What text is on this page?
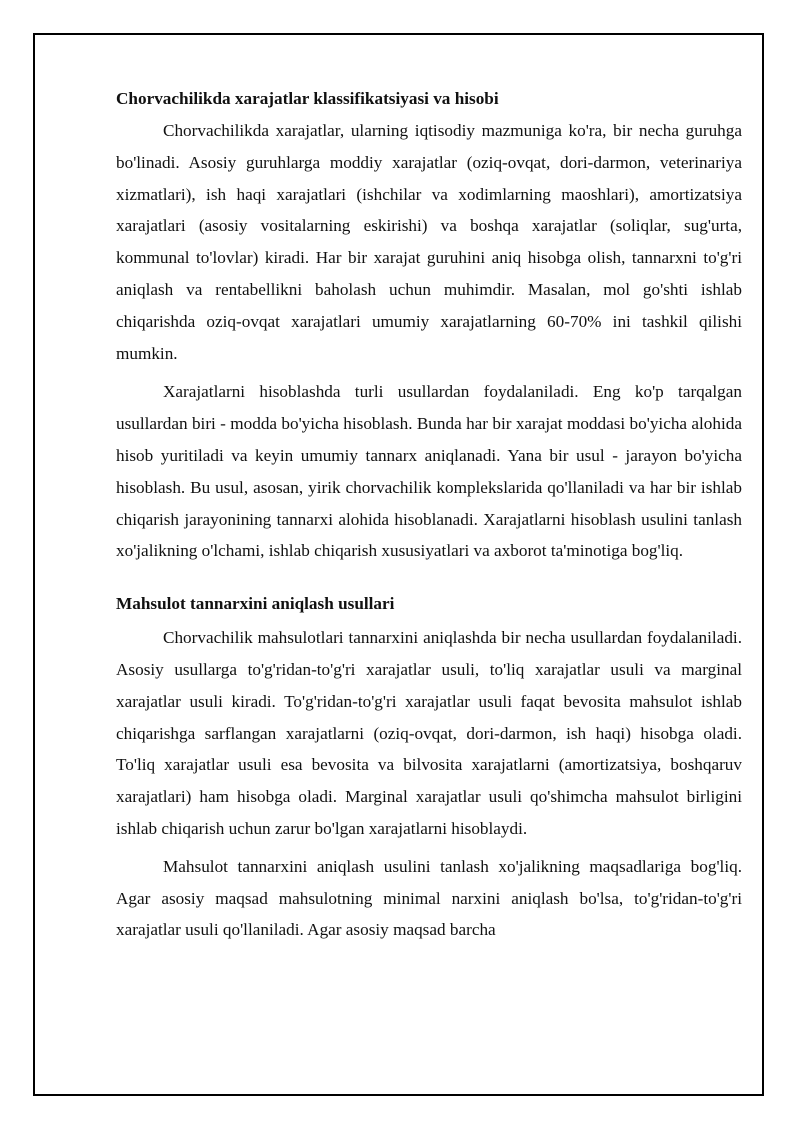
Chorvachilikda xarajatlar klassifikatsiyasi va hisobi

Chorvachilikda xarajatlar, ularning iqtisodiy mazmuniga ko'ra, bir necha guruhga bo'linadi. Asosiy guruhlarga moddiy xarajatlar (oziq-ovqat, dori-darmon, veterinariya xizmatlari), ish haqi xarajatlari (ishchilar va xodimlarning maoshlari), amortizatsiya xarajatlari (asosiy vositalarning eskirishi) va boshqa xarajatlar (soliqlar, sug'urta, kommunal to'lovlar) kiradi. Har bir xarajat guruhini aniq hisobga olish, tannarxni to'g'ri aniqlash va rentabellikni baholash uchun muhimdir. Masalan, mol go'shti ishlab chiqarishda oziq-ovqat xarajatlari umumiy xarajatlarning 60-70% ini tashkil qilishi mumkin.

Xarajatlarni hisoblashda turli usullardan foydalaniladi. Eng ko'p tarqalgan usullardan biri - modda bo'yicha hisoblash. Bunda har bir xarajat moddasi bo'yicha alohida hisob yuritiladi va keyin umumiy tannarx aniqlanadi. Yana bir usul - jarayon bo'yicha hisoblash. Bu usul, asosan, yirik chorvachilik komplekslarida qo'llaniladi va har bir ishlab chiqarish jarayonining tannarxi alohida hisoblanadi. Xarajatlarni hisoblash usulini tanlash xo'jalikning o'lchami, ishlab chiqarish xususiyatlari va axborot ta'minotiga bog'liq.

Mahsulot tannarxini aniqlash usullari

Chorvachilik mahsulotlari tannarxini aniqlashda bir necha usullardan foydalaniladi. Asosiy usullarga to'g'ridan-to'g'ri xarajatlar usuli, to'liq xarajatlar usuli va marginal xarajatlar usuli kiradi. To'g'ridan-to'g'ri xarajatlar usuli faqat bevosita mahsulot ishlab chiqarishga sarflangan xarajatlarni (oziq-ovqat, dori-darmon, ish haqi) hisobga oladi. To'liq xarajatlar usuli esa bevosita va bilvosita xarajatlarni (amortizatsiya, boshqaruv xarajatlari) ham hisobga oladi. Marginal xarajatlar usuli qo'shimcha mahsulot birligini ishlab chiqarish uchun zarur bo'lgan xarajatlarni hisoblaydi.

Mahsulot tannarxini aniqlash usulini tanlash xo'jalikning maqsadlariga bog'liq. Agar asosiy maqsad mahsulotning minimal narxini aniqlash bo'lsa, to'g'ridan-to'g'ri xarajatlar usuli qo'llaniladi. Agar asosiy maqsad barcha
